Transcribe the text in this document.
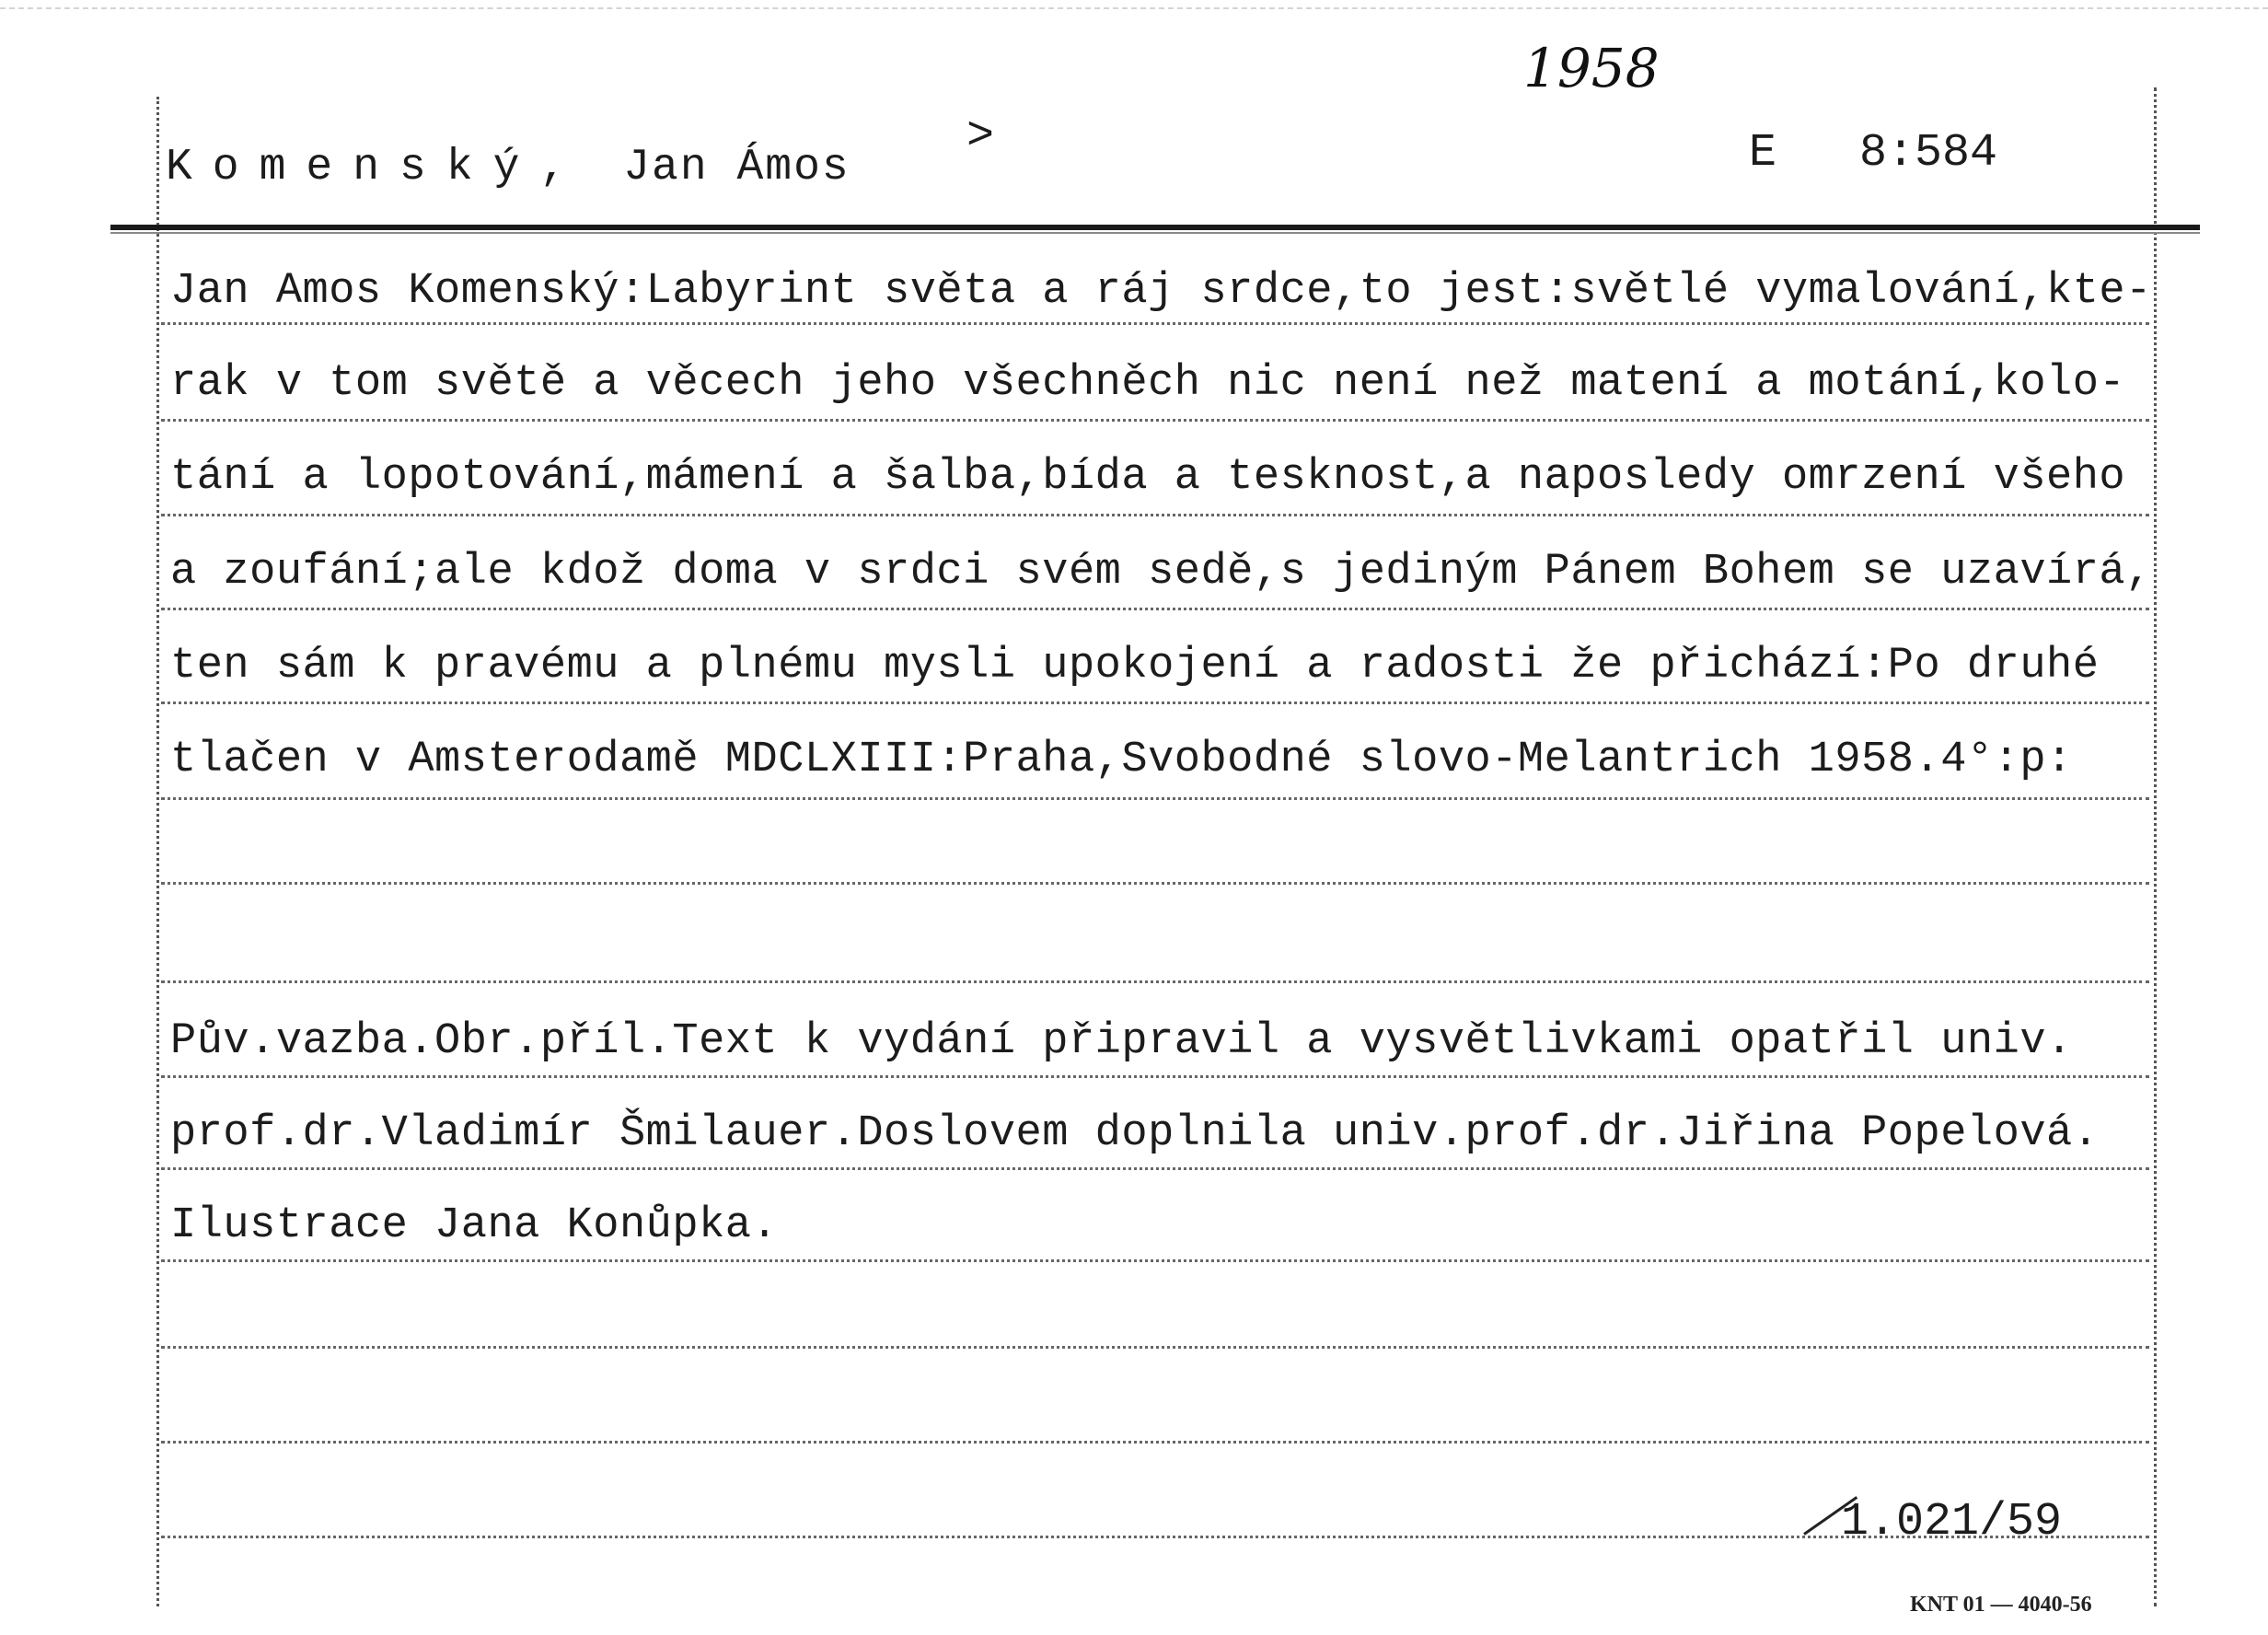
1958
Komenský, Jan Ámos
>	E 8:584
Jan Amos Komenský:Labyrint světa a ráj srdce,to jest:světlé vymalování,kte-
rak v tom světě a věcech jeho všechněch nic není než matení a motání,kolo-
tání a lopotování,mámení a šalba,bída a tesknost,a naposledy omrzení všeho
a zoufání;ale kdož doma v srdci svém sedě,s jediným Pánem Bohem se uzavírá,
ten sám k pravému a plnému mysli upokojení a radosti že přichází:Po druhé
tlačen v Amsterodamě MDCLXIII:Praha,Svobodné slovo-Melantrich 1958.4°:p:
Pův.vazba.Obr.příl.Text k vydání připravil a vysvětlivkami opatřil univ.
prof.dr.Vladimír Šmilauer.Doslovem doplnila univ.prof.dr.Jiřina Popelová.
Ilustrace Jana Konůpka.
1.021/59
KNT 01 — 4040-56
